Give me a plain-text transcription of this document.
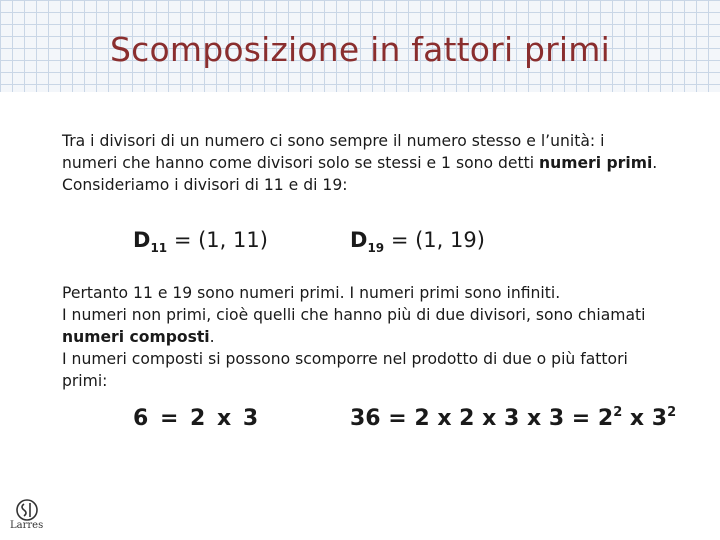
Scomposizione in fattori primi

Tra i divisori di un numero ci sono sempre il numero stesso e l’unità: i
numeri che hanno come divisori solo se stessi e 1 sono detti numeri primi.
Consideriamo i divisori di 11 e di 19:

$D_{11} = (1$, 11)	$D_{19} = (1$, 19)

Pertanto 11 e 19 sono numeri primi. I numeri primi sono infiniti.
I numeri non primi, cioè quelli che hanno più di due divisori, sono chiamati
numeri composti.
I numeri composti si possono scomporre nel prodotto di due o più fattori
primi:

6 = 2 x 3	36 = 2 x 2 x 3 x $3 = 2^2$ x $3^2$
Larres
